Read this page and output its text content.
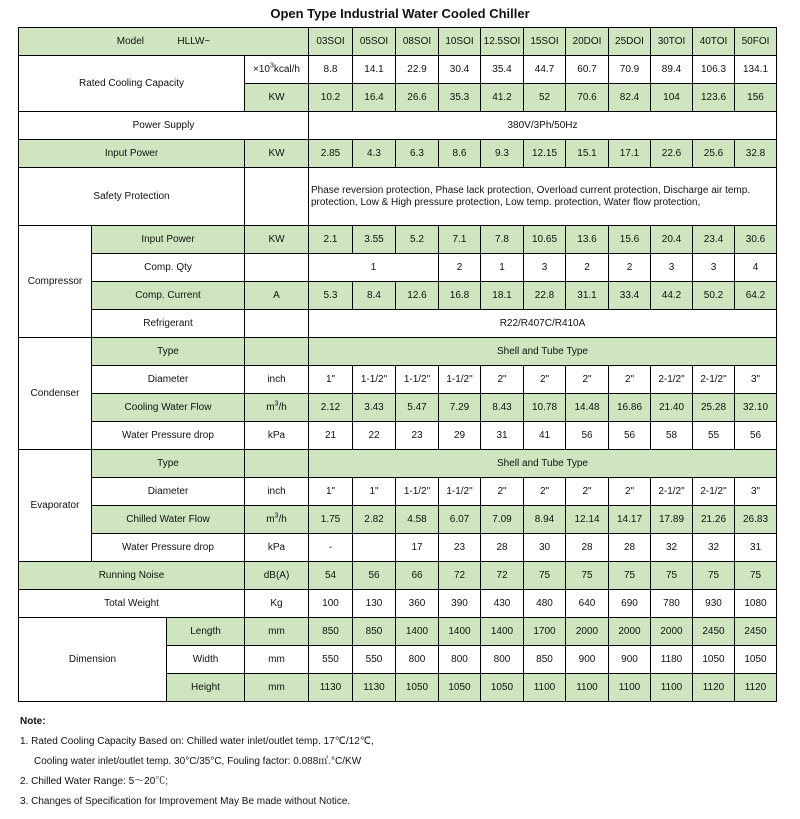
Open Type Industrial Water Cooled Chiller
Model HLLW~				03SOI	05SOI	08SOI	10SOI	12.5SOI	15SOI	20DOI	25DOI	30TOI	40TOI	50FOI
Rated Cooling Capacity			$\times 10^3kcal/h$	8.8	14.1	22.9	30.4	35.4	44.7	60.7	70.9	89.4	106.3	134.1
			KW	10.2	16.4	26.6	35.3	41.2	52	70.6	82.4	104	123.6	156
Power Supply				380V/3Ph/50Hz										
Input Power			KW	2.85	4.3	6.3	8.6	9.3	12.15	15.1	17.1	22.6	25.6	32.8
Safety Protection				Phase reversion protection, Phase lack protection, Overload current protection, Discharge air temp. protection, Low & High pressure protection, Low temp. protection, Water flow protection,										
Compressor	Input Power		KW	2.1	3.55	5.2	7.1	7.8	10.65	13.6	15.6	20.4	23.4	30.6
	Comp. Qty			1			2	1	3	2	2	3	3	4
	Comp. Current		A	5.3	8.4	12.6	16.8	18.1	22.8	31.1	33.4	44.2	50.2	64.2
	Refrigerant			R22/R407C/R410A										
Condenser	Type			Shell and Tube Type										
	Diameter		inch	1"	1-1/2"	1-1/2"	1-1/2"	2"	2"	2"	2"	2-1/2"	2-1/2"	3"
	Cooling Water Flow		$m^3/h$	2.12	3.43	5.47	7.29	8.43	10.78	14.48	16.86	21.40	25.28	32.10
	Water Pressure drop		kPa	21	22	23	29	31	41	56	56	58	55	56
Evaporator	Type			Shell and Tube Type										
	Diameter		inch	1"	1"	1-1/2"	1-1/2"	2"	2"	2"	2"	2-1/2"	2-1/2"	3"
	Chilled Water Flow		$m^3/h$	1.75	2.82	4.58	6.07	7.09	8.94	12.14	14.17	17.89	21.26	26.83
	Water Pressure drop		kPa	-		17	23	28	30	28	28	32	32	31
Running Noise			dB(A)	54	56	66	72	72	75	75	75	75	75	75
Total Weight			Kg	100	130	360	390	430	480	640	690	780	930	1080
Dimension		Length	mm	850	850	1400	1400	1400	1700	2000	2000	2000	2450	2450
		Width	mm	550	550	800	800	800	850	900	900	1180	1050	1050
		Height	mm	1130	1130	1050	1050	1050	1100	1100	1100	1100	1120	1120
Note:
1. Rated Cooling Capacity Based on: Chilled water inlet/outlet temp. 17℃/12℃,
Cooling water inlet/outlet temp. 30°C/35°C, Fouling factor: 0.088㎡.°C/KW
2. Chilled Water Range: 5～20℃;
3. Changes of Specification for Improvement May Be made without Notice.
